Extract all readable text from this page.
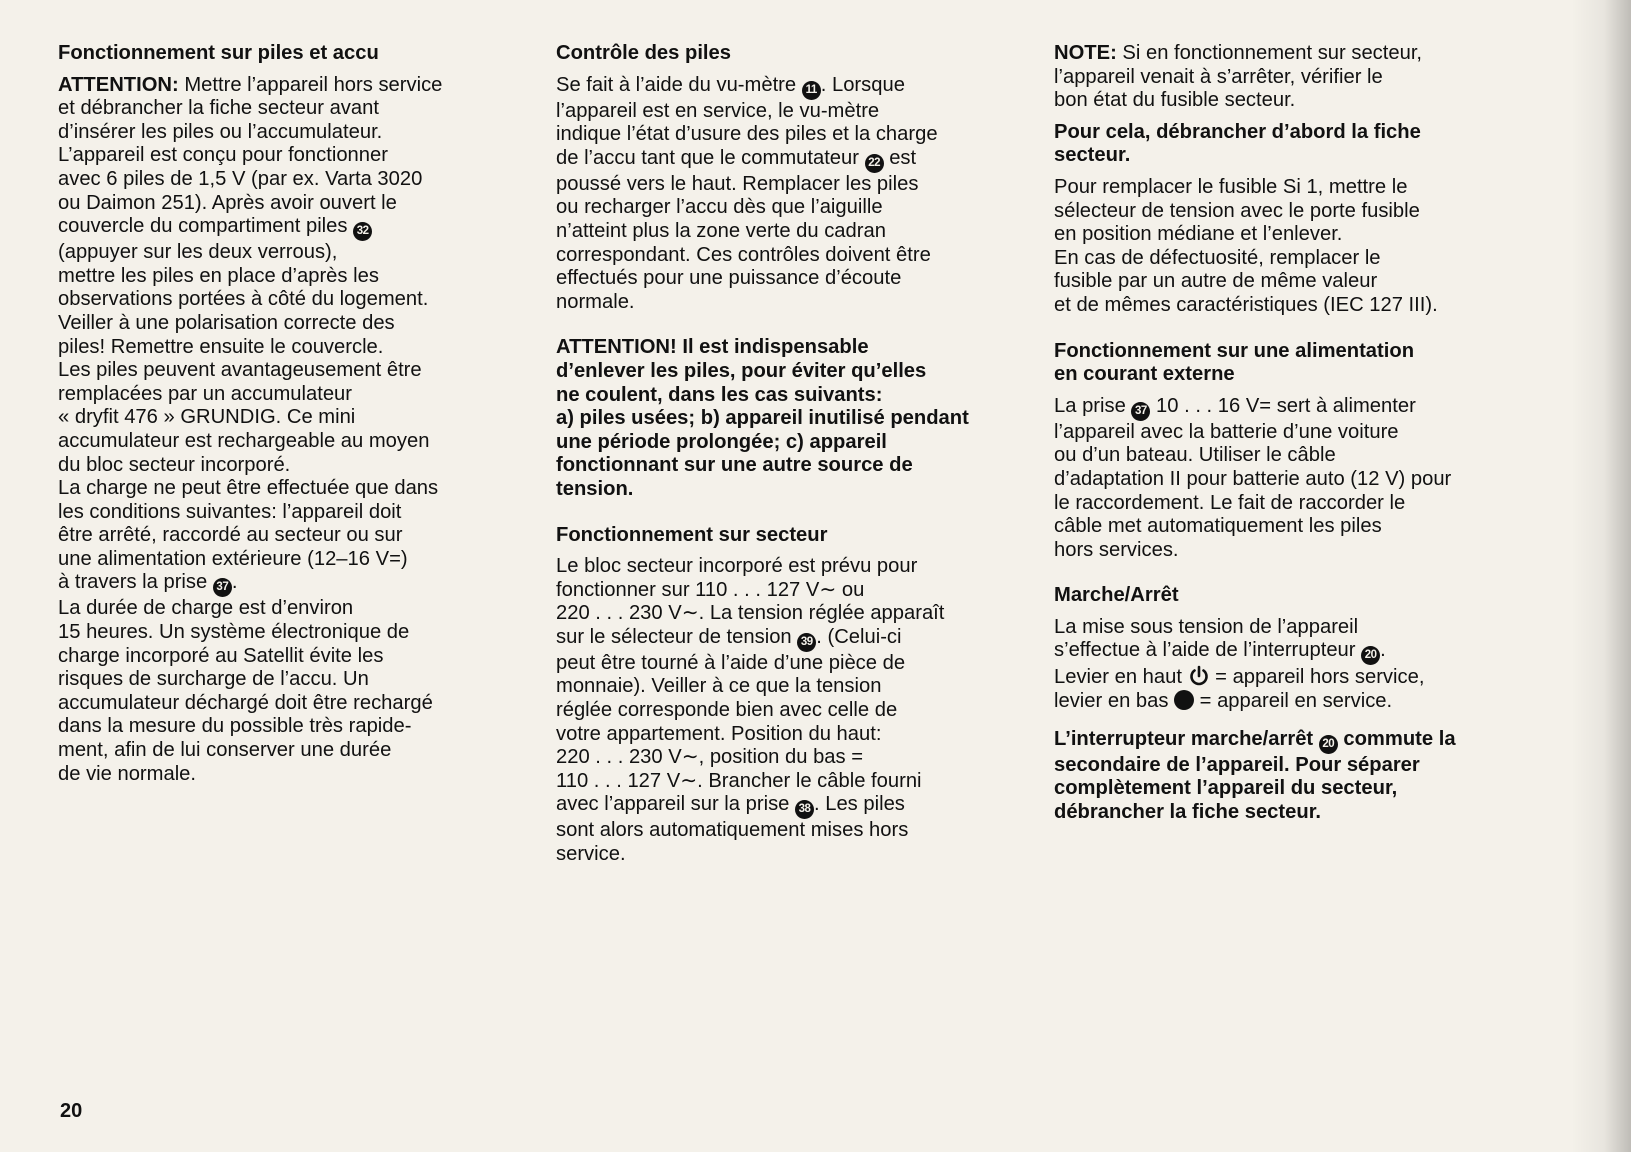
Fonctionnement sur piles et accu
ATTENTION: Mettre l’appareil hors service
et débrancher la fiche secteur avant
d’insérer les piles ou l’accumulateur.
L’appareil est conçu pour fonctionner
avec 6 piles de 1,5 V (par ex. Varta 3020
ou Daimon 251). Après avoir ouvert le
couvercle du compartiment piles 32
(appuyer sur les deux verrous),
mettre les piles en place d’après les
observations portées à côté du logement.
Veiller à une polarisation correcte des
piles! Remettre ensuite le couvercle.
Les piles peuvent avantageusement être
remplacées par un accumulateur
« dryfit 476 » GRUNDIG. Ce mini
accumulateur est rechargeable au moyen
du bloc secteur incorporé.
La charge ne peut être effectuée que dans
les conditions suivantes: l’appareil doit
être arrêté, raccordé au secteur ou sur
une alimentation extérieure (12–16 V=)
à travers la prise 37 .
La durée de charge est d’environ
15 heures. Un système électronique de
charge incorporé au Satellit évite les
risques de surcharge de l’accu. Un
accumulateur déchargé doit être rechargé
dans la mesure du possible très rapide-
ment, afin de lui conserver une durée
de vie normale.
Contrôle des piles
Se fait à l’aide du vu-mètre 11 . Lorsque
l’appareil est en service, le vu-mètre
indique l’état d’usure des piles et la charge
de l’accu tant que le commutateur 22 est
poussé vers le haut. Remplacer les piles
ou recharger l’accu dès que l’aiguille
n’atteint plus la zone verte du cadran
correspondant. Ces contrôles doivent être
effectués pour une puissance d’écoute
normale.
ATTENTION! Il est indispensable
d’enlever les piles, pour éviter qu’elles
ne coulent, dans les cas suivants:
a) piles usées; b) appareil inutilisé pendant
une période prolongée; c) appareil
fonctionnant sur une autre source de
tension.
Fonctionnement sur secteur
Le bloc secteur incorporé est prévu pour
fonctionner sur 110 . . . 127 V∼ ou
220 . . . 230 V∼. La tension réglée apparaît
sur le sélecteur de tension 39 . (Celui-ci
peut être tourné à l’aide d’une pièce de
monnaie). Veiller à ce que la tension
réglée corresponde bien avec celle de
votre appartement. Position du haut:
220 . . . 230 V∼, position du bas =
110 . . . 127 V∼. Brancher le câble fourni
avec l’appareil sur la prise 38 . Les piles
sont alors automatiquement mises hors
service.
NOTE: Si en fonctionnement sur secteur,
l’appareil venait à s’arrêter, vérifier le
bon état du fusible secteur.
Pour cela, débrancher d’abord la fiche
secteur.
Pour remplacer le fusible Si 1, mettre le
sélecteur de tension avec le porte fusible
en position médiane et l’enlever.
En cas de défectuosité, remplacer le
fusible par un autre de même valeur
et de mêmes caractéristiques (IEC 127 III).
Fonctionnement sur une alimentation
en courant externe
La prise 37 10 . . . 16 V= sert à alimenter
l’appareil avec la batterie d’une voiture
ou d’un bateau. Utiliser le câble
d’adaptation II pour batterie auto (12 V) pour
le raccordement. Le fait de raccorder le
câble met automatiquement les piles
hors services.
Marche/Arrêt
La mise sous tension de l’appareil
s’effectue à l’aide de l’interrupteur 20 .
Levier en haut  = appareil hors service,
levier en bas  = appareil en service.
L’interrupteur marche/arrêt 20 commute la
secondaire de l’appareil. Pour séparer
complètement l’appareil du secteur,
débrancher la fiche secteur.
20
